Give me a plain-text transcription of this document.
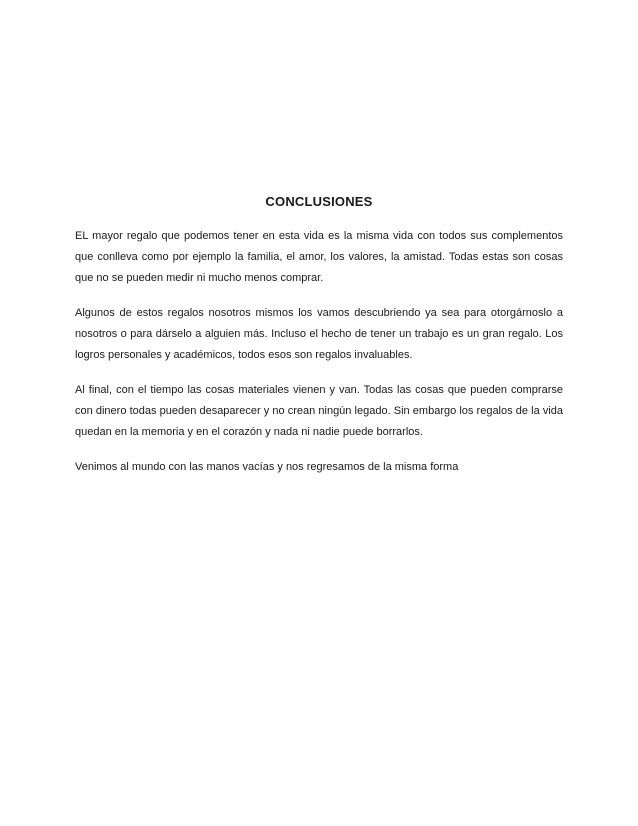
CONCLUSIONES

EL mayor regalo que podemos tener en esta vida es la misma vida con todos sus complementos que conlleva como por ejemplo la familia, el amor, los valores, la amistad. Todas estas son cosas que no se pueden medir ni mucho menos comprar.

Algunos de estos regalos nosotros mismos los vamos descubriendo ya sea para otorgárnoslo a nosotros o para dárselo a alguien más. Incluso el hecho de tener un trabajo es un gran regalo. Los logros personales y académicos, todos esos son regalos invaluables.

Al final, con el tiempo las cosas materiales vienen y van. Todas las cosas que pueden comprarse con dinero todas pueden desaparecer y no crean ningún legado. Sin embargo los regalos de la vida quedan en la memoria y en el corazón y nada ni nadie puede borrarlos.

Venimos al mundo con las manos vacías y nos regresamos de la misma forma
